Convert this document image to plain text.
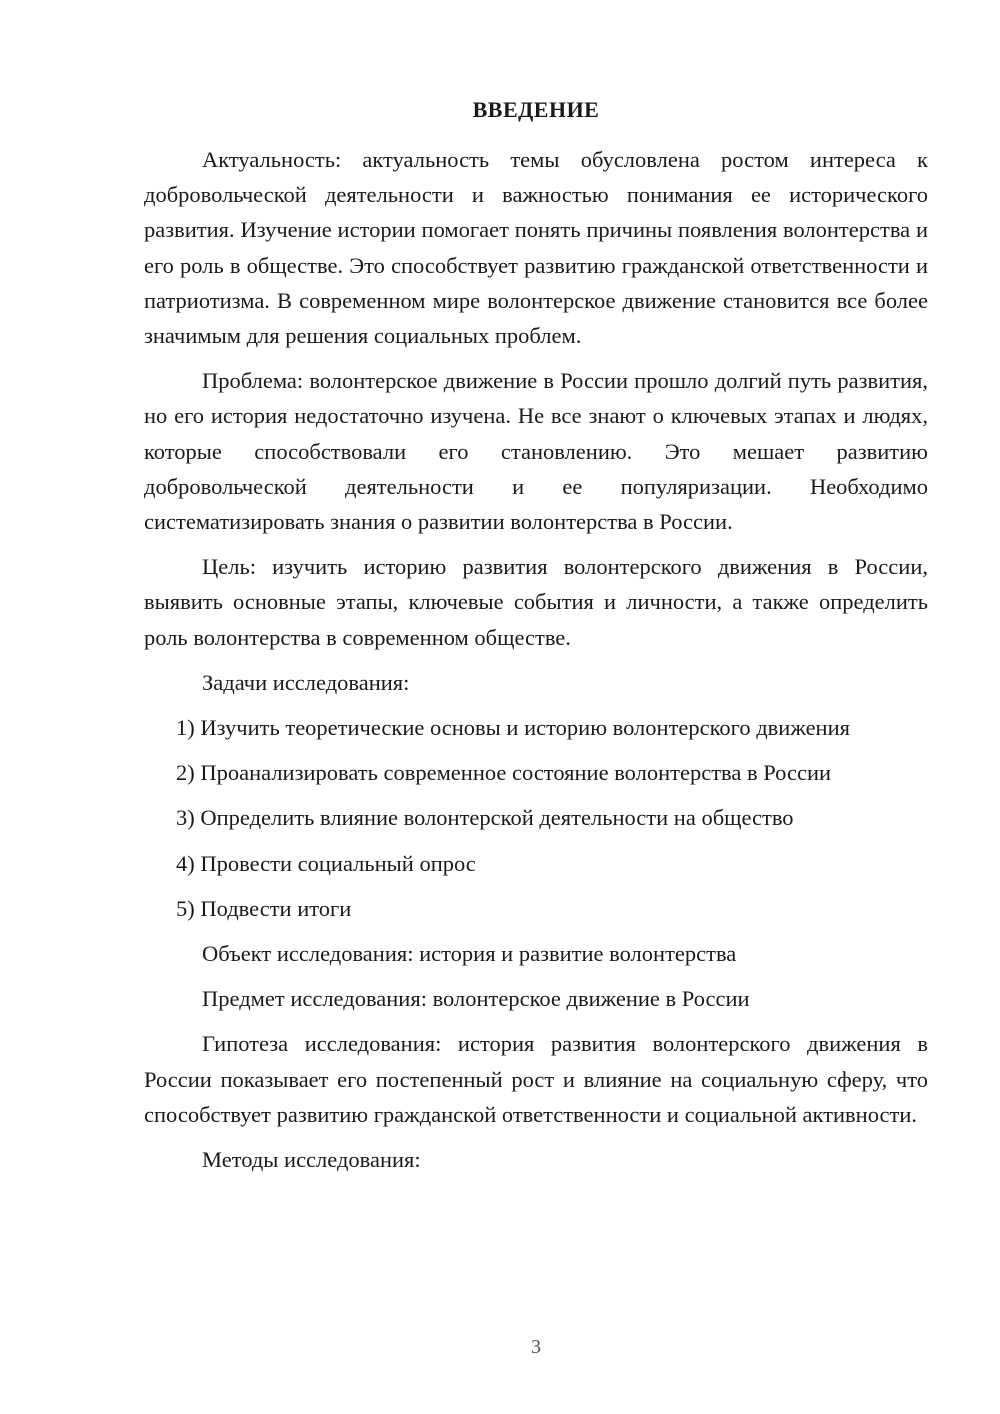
ВВЕДЕНИЕ

Актуальность: актуальность темы обусловлена ростом интереса к добровольческой деятельности и важностью понимания ее исторического развития. Изучение истории помогает понять причины появления волонтерства и его роль в обществе. Это способствует развитию гражданской ответственности и патриотизма. В современном мире волонтерское движение становится все более значимым для решения социальных проблем.

Проблема: волонтерское движение в России прошло долгий путь развития, но его история недостаточно изучена. Не все знают о ключевых этапах и людях, которые способствовали его становлению. Это мешает развитию добровольческой деятельности и ее популяризации. Необходимо систематизировать знания о развитии волонтерства в России.

Цель: изучить историю развития волонтерского движения в России, выявить основные этапы, ключевые события и личности, а также определить роль волонтерства в современном обществе.

Задачи исследования:

1) Изучить теоретические основы и историю волонтерского движения
2) Проанализировать современное состояние волонтерства в России
3) Определить влияние волонтерской деятельности на общество
4) Провести социальный опрос
5) Подвести итоги

Объект исследования: история и развитие волонтерства

Предмет исследования: волонтерское движение в России

Гипотеза исследования: история развития волонтерского движения в России показывает его постепенный рост и влияние на социальную сферу, что способствует развитию гражданской ответственности и социальной активности.

Методы исследования:

3
